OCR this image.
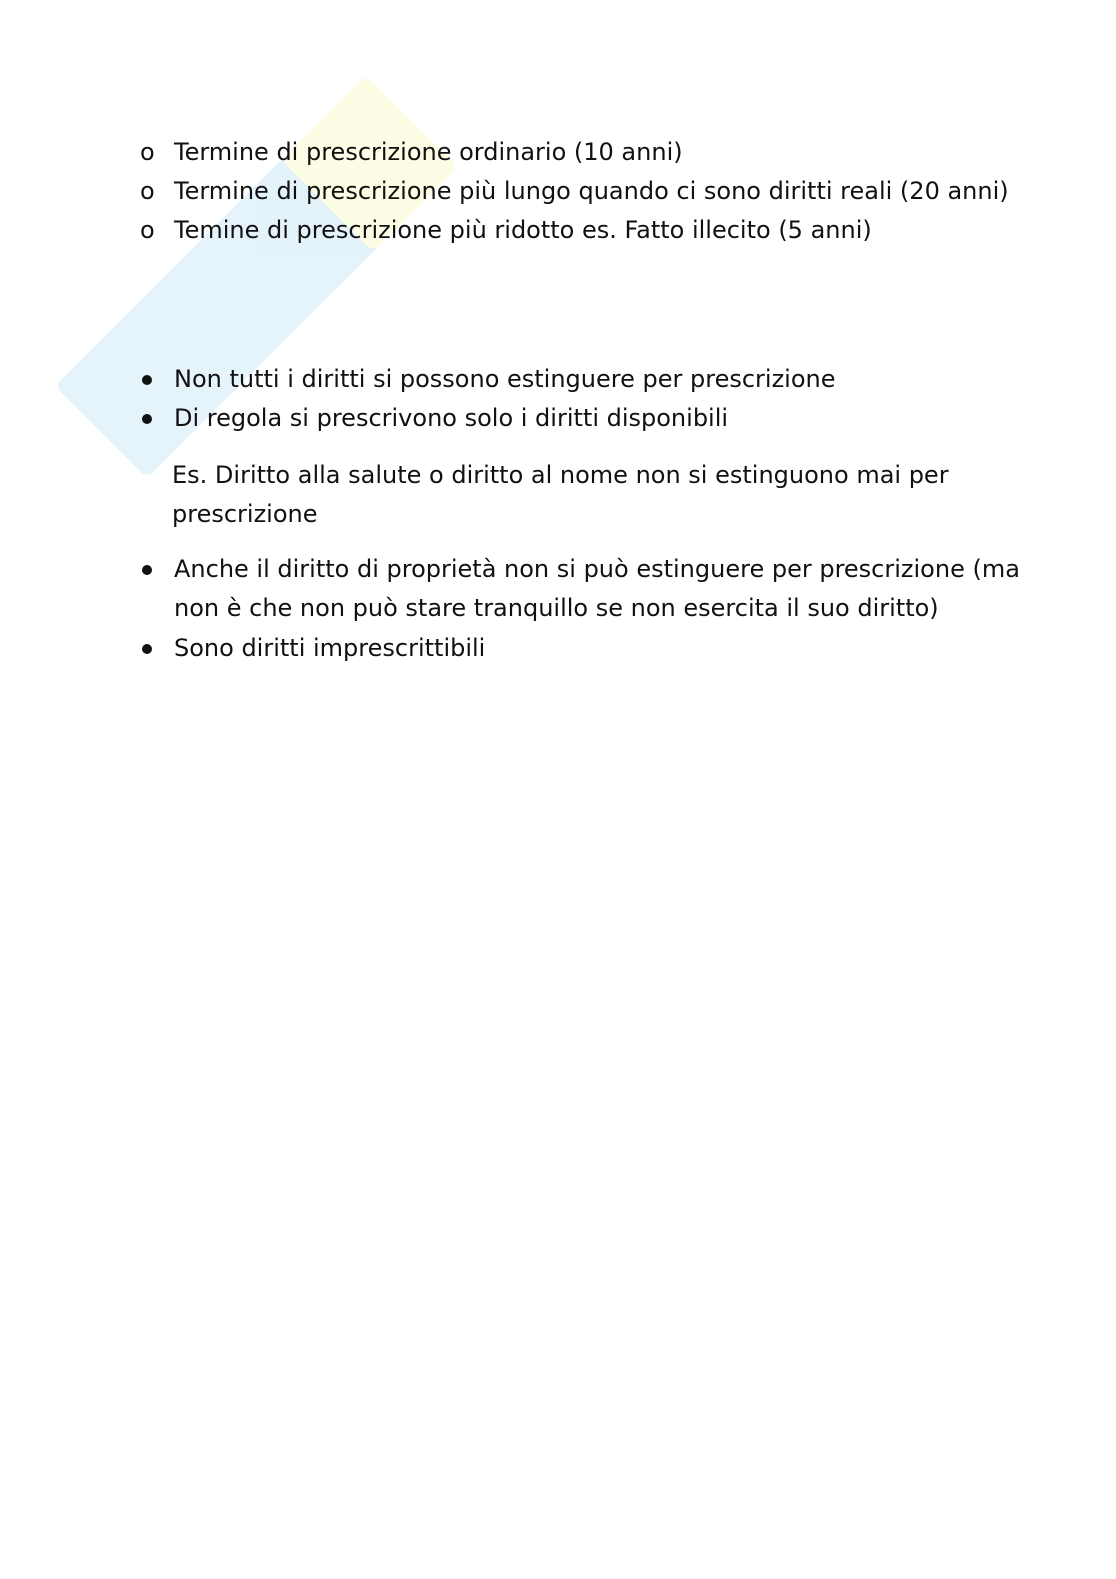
o Termine di prescrizione ordinario (10 anni)
o Termine di prescrizione più lungo quando ci sono diritti reali (20 anni)
o Temine di prescrizione più ridotto es. Fatto illecito (5 anni)
Non tutti i diritti si possono estinguere per prescrizione
Di regola si prescrivono solo i diritti disponibili

Es. Diritto alla salute o diritto al nome non si estinguono mai per prescrizione

Anche il diritto di proprietà non si può estinguere per prescrizione (ma non è che non può stare tranquillo se non esercita il suo diritto)
Sono diritti imprescrittibili
